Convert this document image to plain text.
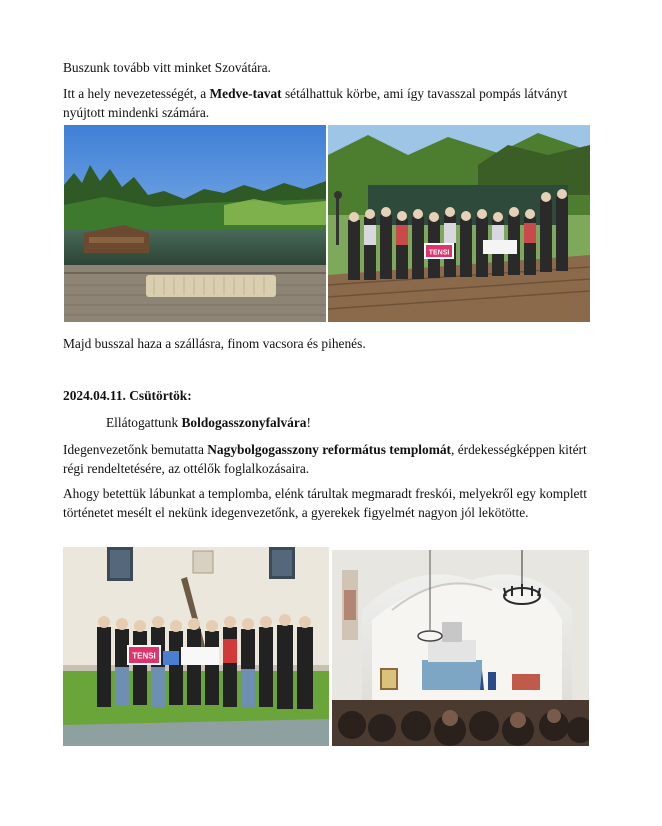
Buszunk tovább vitt minket Szovátára.
Itt a hely nevezetességét, a Medve-tavat sétálhattuk körbe, ami így tavasszal pompás látványt nyújtott mindenki számára.
TENSI
Majd busszal haza a szállásra, finom vacsora és pihenés.
2024.04.11. Csütörtök:
Ellátogattunk Boldogasszonyfalvára!
Idegenvezetőnk bemutatta Nagybolgogasszony református templomát, érdekességképpen kitért régi rendeltetésére, az ottélők foglalkozásaira.
Ahogy betettük lábunkat a templomba, elénk tárultak megmaradt freskói, melyekről egy komplett történetet mesélt el nekünk idegenvezetőnk, a gyerekek figyelmét nagyon jól lekötötte.
TENSI
